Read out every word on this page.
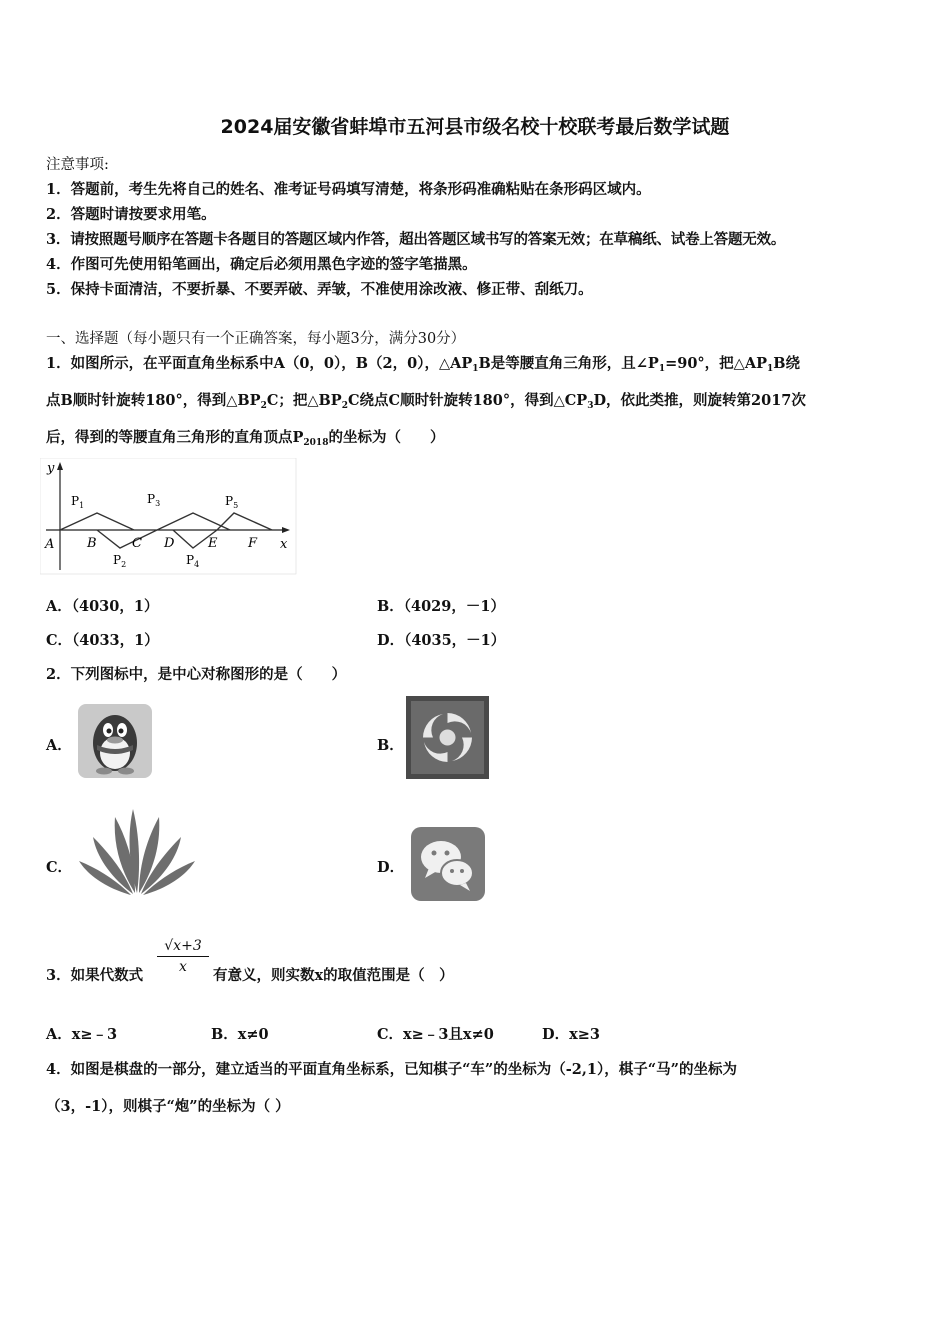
2024届安徽省蚌埠市五河县市级名校十校联考最后数学试题
注意事项:
1．答题前，考生先将自己的姓名、准考证号码填写清楚，将条形码准确粘贴在条形码区域内。
2．答题时请按要求用笔。
3．请按照题号顺序在答题卡各题目的答题区域内作答，超出答题区域书写的答案无效；在草稿纸、试卷上答题无效。
4．作图可先使用铅笔画出，确定后必须用黑色字迹的签字笔描黑。
5．保持卡面清洁，不要折暴、不要弄破、弄皱，不准使用涂改液、修正带、刮纸刀。
一、选择题（每小题只有一个正确答案，每小题3分，满分30分）
1．如图所示，在平面直角坐标系中A（0，0），B（2，0），$\triangle AP_1B$是等腰直角三角形，且$\angle P_1=90^\circ$，把$\triangle AP_1B$绕
点B顺时针旋转180°，得到$\triangle BP_2C$；把$\triangle BP_2C$绕点C顺时针旋转180°，得到$\triangle CP_3D$，依此类推，则旋转第2017次
后，得到的等腰直角三角形的直角顶点$P_{2018}$的坐标为（　　）
y
x
A	B	C D	E F
$P_1$
$P_2$
$P_3$
$P_4$
$P_5$
A．（4030，1）	B．（4029，－1）
C．（4033，1）	D．（4035，－1）
2．下列图标中，是中心对称图形的是（　　）
A．	B．
C．	D．
3．如果代数式
$\frac{√x+3}{x}$
有意义，则实数x的取值范围是（　）
A．x≥﹣3	B．x≠0	C．x≥﹣3且x≠0	D．x≥3
4．如图是棋盘的一部分，建立适当的平面直角坐标系，已知棋子“车”的坐标为（-2,1），棋子“马”的坐标为
（3，-1），则棋子“炮”的坐标为（ ）
